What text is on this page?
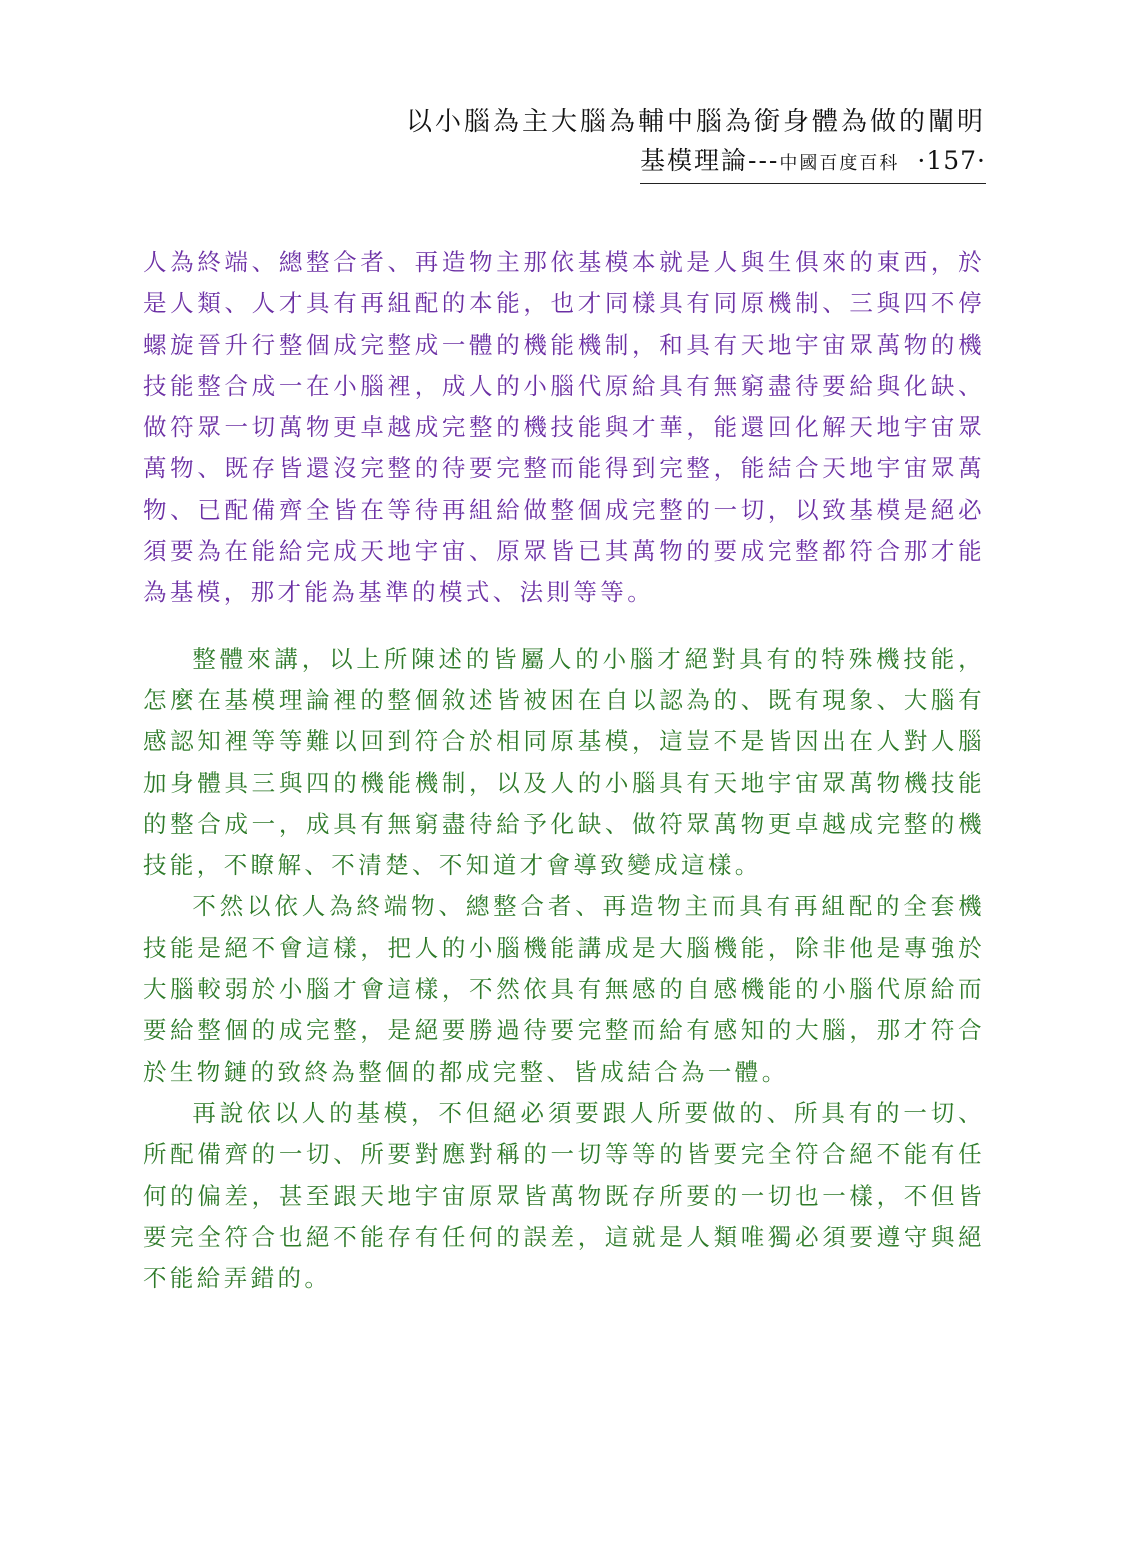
以小腦為主大腦為輔中腦為銜身體為做的闡明
基模理論---中國百度百科 ·157·

人為終端、總整合者、再造物主那依基模本就是人與生俱來的東西，於是人類、人才具有再組配的本能，也才同樣具有同原機制、三與四不停螺旋晉升行整個成完整成一體的機能機制，和具有天地宇宙眾萬物的機技能整合成一在小腦裡，成人的小腦代原給具有無窮盡待要給與化缺、做符眾一切萬物更卓越成完整的機技能與才華，能還回化解天地宇宙眾萬物、既存皆還沒完整的待要完整而能得到完整，能結合天地宇宙眾萬物、已配備齊全皆在等待再組給做整個成完整的一切，以致基模是絕必須要為在能給完成天地宇宙、原眾皆已其萬物的要成完整都符合那才能為基模，那才能為基準的模式、法則等等。

整體來講，以上所陳述的皆屬人的小腦才絕對具有的特殊機技能，怎麼在基模理論裡的整個敘述皆被困在自以認為的、既有現象、大腦有感認知裡等等難以回到符合於相同原基模，這豈不是皆因出在人對人腦加身體具三與四的機能機制，以及人的小腦具有天地宇宙眾萬物機技能的整合成一，成具有無窮盡待給予化缺、做符眾萬物更卓越成完整的機技能，不瞭解、不清楚、不知道才會導致變成這樣。

不然以依人為終端物、總整合者、再造物主而具有再組配的全套機技能是絕不會這樣，把人的小腦機能講成是大腦機能，除非他是專強於大腦較弱於小腦才會這樣，不然依具有無感的自感機能的小腦代原給而要給整個的成完整，是絕要勝過待要完整而給有感知的大腦，那才符合於生物鏈的致終為整個的都成完整、皆成結合為一體。

再說依以人的基模，不但絕必須要跟人所要做的、所具有的一切、所配備齊的一切、所要對應對稱的一切等等的皆要完全符合絕不能有任何的偏差，甚至跟天地宇宙原眾皆萬物既存所要的一切也一樣，不但皆要完全符合也絕不能存有任何的誤差，這就是人類唯獨必須要遵守與絕不能給弄錯的。
